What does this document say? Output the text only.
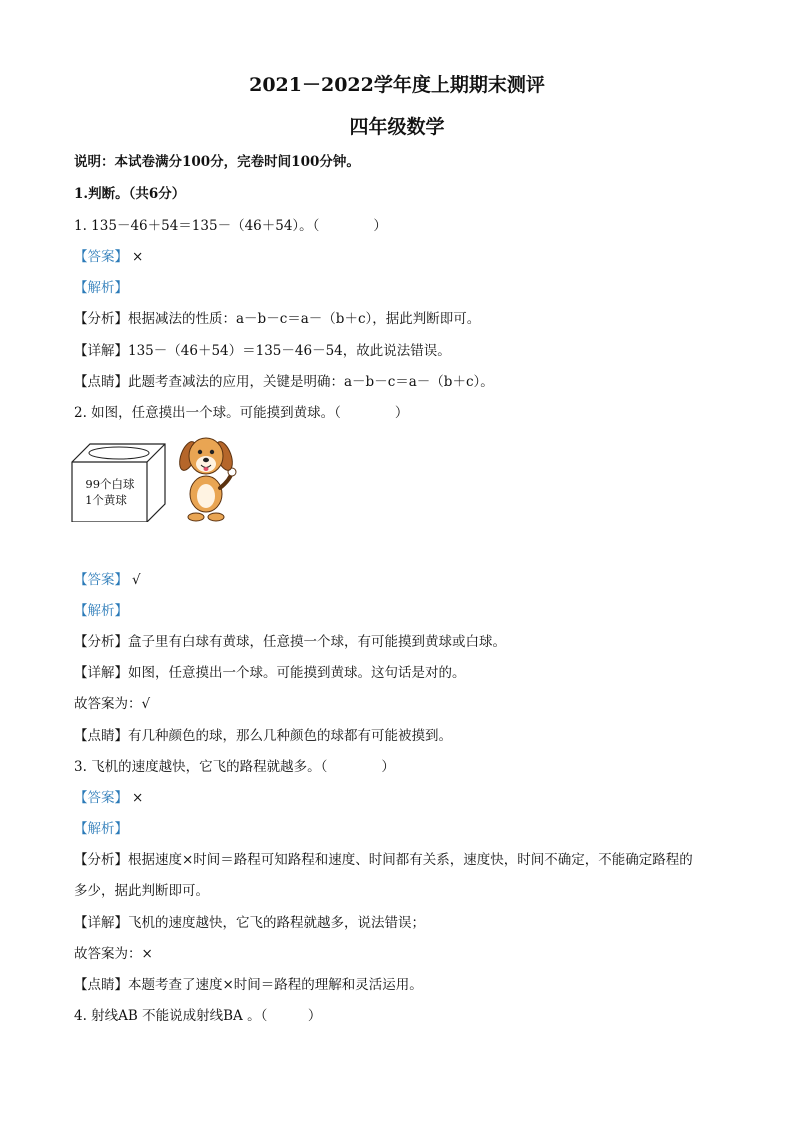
2021－2022学年度上期期末测评
四年级数学
说明：本试卷满分100分，完卷时间100分钟。
1.判断。（共6分）
1. 135－46＋54＝135－（46＋54）。（　　　　）
【答案】 ×
【解析】
【分析】根据减法的性质：a－b－c＝a－（b＋c），据此判断即可。
【详解】135－（46＋54）＝135－46－54，故此说法错误。
【点睛】此题考查减法的应用，关键是明确：a－b－c＝a－（b＋c）。
2. 如图，任意摸出一个球。可能摸到黄球。（　　　　）
99个白球
1个黄球
【答案】 √
【解析】
【分析】盒子里有白球有黄球，任意摸一个球，有可能摸到黄球或白球。
【详解】如图，任意摸出一个球。可能摸到黄球。这句话是对的。
故答案为：√
【点睛】有几种颜色的球，那么几种颜色的球都有可能被摸到。
3. 飞机的速度越快，它飞的路程就越多。（　　　　）
【答案】 ×
【解析】
【分析】根据速度×时间＝路程可知路程和速度、时间都有关系，速度快，时间不确定，不能确定路程的
多少，据此判断即可。
【详解】飞机的速度越快，它飞的路程就越多，说法错误；
故答案为：×
【点睛】本题考查了速度×时间＝路程的理解和灵活运用。
4. 射线AB 不能说成射线BA 。（　　　）
